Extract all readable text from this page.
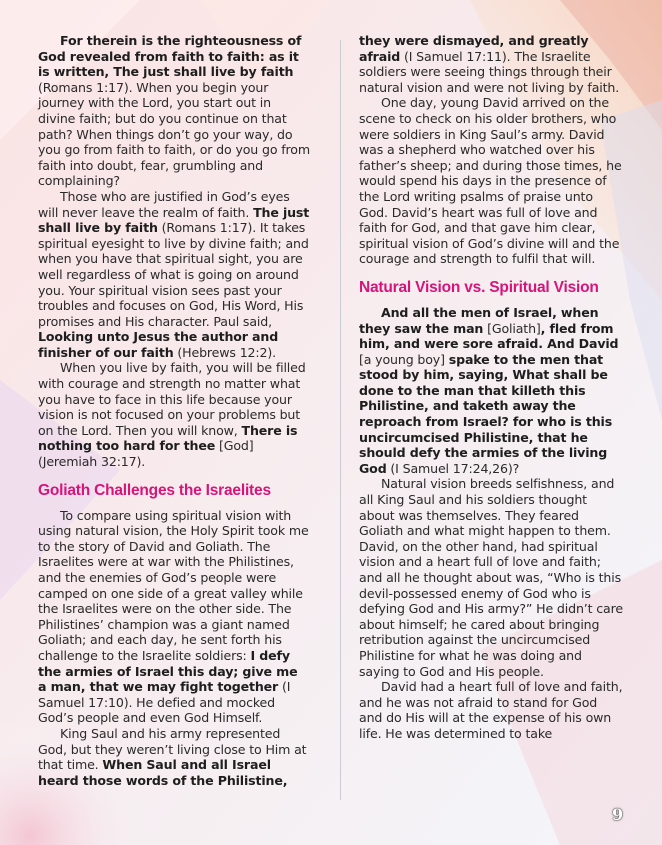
For therein is the righteousness of God revealed from faith to faith: as it is written, The just shall live by faith (Romans 1:17). When you begin your journey with the Lord, you start out in divine faith; but do you continue on that path? When things don’t go your way, do you go from faith to faith, or do you go from faith into doubt, fear, grumbling and complaining?

Those who are justified in God’s eyes will never leave the realm of faith. The just shall live by faith (Romans 1:17). It takes spiritual eyesight to live by divine faith; and when you have that spiritual sight, you are well regardless of what is going on around you. Your spiritual vision sees past your troubles and focuses on God, His Word, His promises and His character. Paul said, Looking unto Jesus the author and finisher of our faith (Hebrews 12:2).

When you live by faith, you will be filled with courage and strength no matter what you have to face in this life because your vision is not focused on your problems but on the Lord. Then you will know, There is nothing too hard for thee [God] (Jeremiah 32:17).

Goliath Challenges the Israelites

To compare using spiritual vision with using natural vision, the Holy Spirit took me to the story of David and Goliath. The Israelites were at war with the Philistines, and the enemies of God’s people were camped on one side of a great valley while the Israelites were on the other side. The Philistines’ champion was a giant named Goliath; and each day, he sent forth his challenge to the Israelite soldiers: I defy the armies of Israel this day; give me a man, that we may fight together (I Samuel 17:10). He defied and mocked God’s people and even God Himself.

King Saul and his army represented God, but they weren’t living close to Him at that time. When Saul and all Israel heard those words of the Philistine,

they were dismayed, and greatly afraid (I Samuel 17:11). The Israelite soldiers were seeing things through their natural vision and were not living by faith.

One day, young David arrived on the scene to check on his older brothers, who were soldiers in King Saul’s army. David was a shepherd who watched over his father’s sheep; and during those times, he would spend his days in the presence of the Lord writing psalms of praise unto God. David’s heart was full of love and faith for God, and that gave him clear, spiritual vision of God’s divine will and the courage and strength to fulfil that will.

Natural Vision vs. Spiritual Vision

And all the men of Israel, when they saw the man [Goliath], fled from him, and were sore afraid. And David [a young boy] spake to the men that stood by him, saying, What shall be done to the man that killeth this Philistine, and taketh away the reproach from Israel? for who is this uncircumcised Philistine, that he should defy the armies of the living God (I Samuel 17:24,26)?

Natural vision breeds selfishness, and all King Saul and his soldiers thought about was themselves. They feared Goliath and what might happen to them. David, on the other hand, had spiritual vision and a heart full of love and faith; and all he thought about was, “Who is this devil-possessed enemy of God who is defying God and His army?” He didn’t care about himself; he cared about bringing retribution against the uncircumcised Philistine for what he was doing and saying to God and His people.

David had a heart full of love and faith, and he was not afraid to stand for God and do His will at the expense of his own life. He was determined to take

9
